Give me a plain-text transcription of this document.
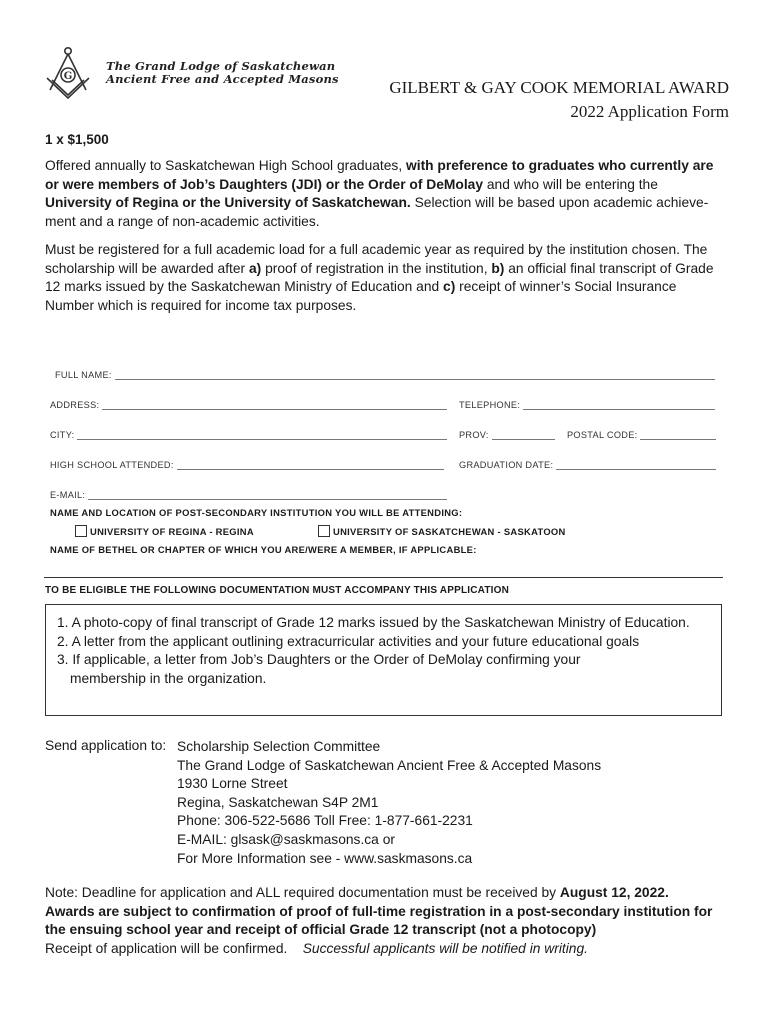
G
The Grand Lodge of Saskatchewan
Ancient Free and Accepted Masons	GILBERT & GAY COOK MEMORIAL AWARD
2022 Application Form
1 x $1,500
Offered annually to Saskatchewan High School graduates, with preference to graduates who currently are or were members of Job’s Daughters (JDI) or the Order of DeMolay and who will be entering the University of Regina or the University of Saskatchewan. Selection will be based upon academic achieve-ment and a range of non-academic activities.
Must be registered for a full academic load for a full academic year as required by the institution chosen. The scholarship will be awarded after a) proof of registration in the institution, b) an official final transcript of Grade 12 marks issued by the Saskatchewan Ministry of Education and c) receipt of winner’s Social Insurance Number which is required for income tax purposes.
FULL NAME:
ADDRESS:	TELEPHONE:
CITY:	PROV:	POSTAL CODE:
HIGH SCHOOL ATTENDED:	GRADUATION DATE:
E-MAIL:
NAME AND LOCATION OF POST-SECONDARY INSTITUTION YOU WILL BE ATTENDING:
UNIVERSITY OF REGINA - REGINA	UNIVERSITY OF SASKATCHEWAN - SASKATOON
NAME OF BETHEL OR CHAPTER OF WHICH YOU ARE/WERE A MEMBER, IF APPLICABLE:
TO BE ELIGIBLE THE FOLLOWING DOCUMENTATION MUST ACCOMPANY THIS APPLICATION
1. A photo-copy of final transcript of Grade 12 marks issued by the Saskatchewan Ministry of Education.
2. A letter from the applicant outlining extracurricular activities and your future educational goals
3. If applicable, a letter from Job’s Daughters or the Order of DeMolay confirming your
membership in the organization.
Send application to: Scholarship Selection Committee
The Grand Lodge of Saskatchewan Ancient Free & Accepted Masons
1930 Lorne Street
Regina, Saskatchewan S4P 2M1
Phone: 306-522-5686 Toll Free: 1-877-661-2231
E-MAIL: glsask@saskmasons.ca or
For More Information see - www.saskmasons.ca
Note: Deadline for application and ALL required documentation must be received by August 12, 2022.
Awards are subject to confirmation of proof of full-time registration in a post-secondary institution for the ensuing school year and receipt of official Grade 12 transcript (not a photocopy)
Receipt of application will be confirmed. Successful applicants will be notified in writing.
